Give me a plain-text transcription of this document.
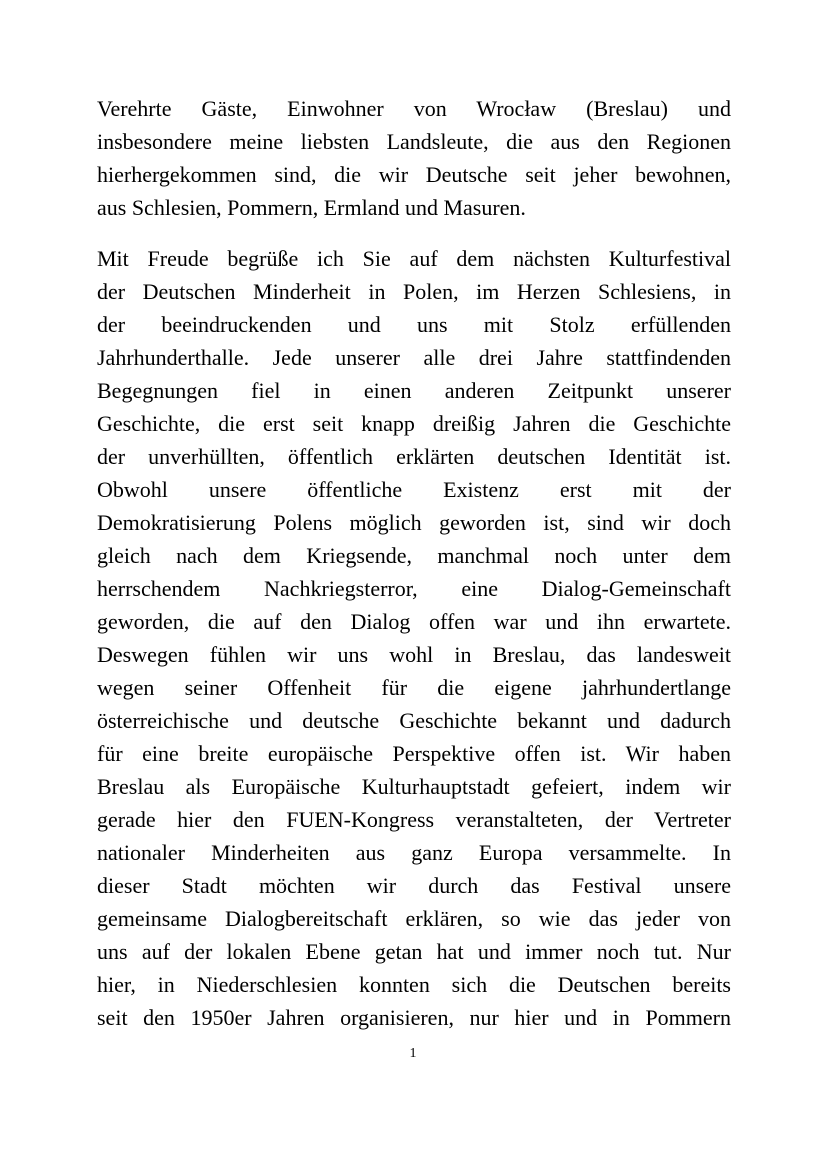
Verehrte Gäste, Einwohner von Wrocław (Breslau) und
insbesondere meine liebsten Landsleute, die aus den Regionen
hierhergekommen sind, die wir Deutsche seit jeher bewohnen,
aus Schlesien, Pommern, Ermland und Masuren.
Mit Freude begrüße ich Sie auf dem nächsten Kulturfestival
der Deutschen Minderheit in Polen, im Herzen Schlesiens, in
der beeindruckenden und uns mit Stolz erfüllenden
Jahrhunderthalle. Jede unserer alle drei Jahre stattfindenden
Begegnungen fiel in einen anderen Zeitpunkt unserer
Geschichte, die erst seit knapp dreißig Jahren die Geschichte
der unverhüllten, öffentlich erklärten deutschen Identität ist.
Obwohl unsere öffentliche Existenz erst mit der
Demokratisierung Polens möglich geworden ist, sind wir doch
gleich nach dem Kriegsende, manchmal noch unter dem
herrschendem Nachkriegsterror, eine Dialog-Gemeinschaft
geworden, die auf den Dialog offen war und ihn erwartete.
Deswegen fühlen wir uns wohl in Breslau, das landesweit
wegen seiner Offenheit für die eigene jahrhundertlange
österreichische und deutsche Geschichte bekannt und dadurch
für eine breite europäische Perspektive offen ist. Wir haben
Breslau als Europäische Kulturhauptstadt gefeiert, indem wir
gerade hier den FUEN-Kongress veranstalteten, der Vertreter
nationaler Minderheiten aus ganz Europa versammelte. In
dieser Stadt möchten wir durch das Festival unsere
gemeinsame Dialogbereitschaft erklären, so wie das jeder von
uns auf der lokalen Ebene getan hat und immer noch tut. Nur
hier, in Niederschlesien konnten sich die Deutschen bereits
seit den 1950er Jahren organisieren, nur hier und in Pommern
1
